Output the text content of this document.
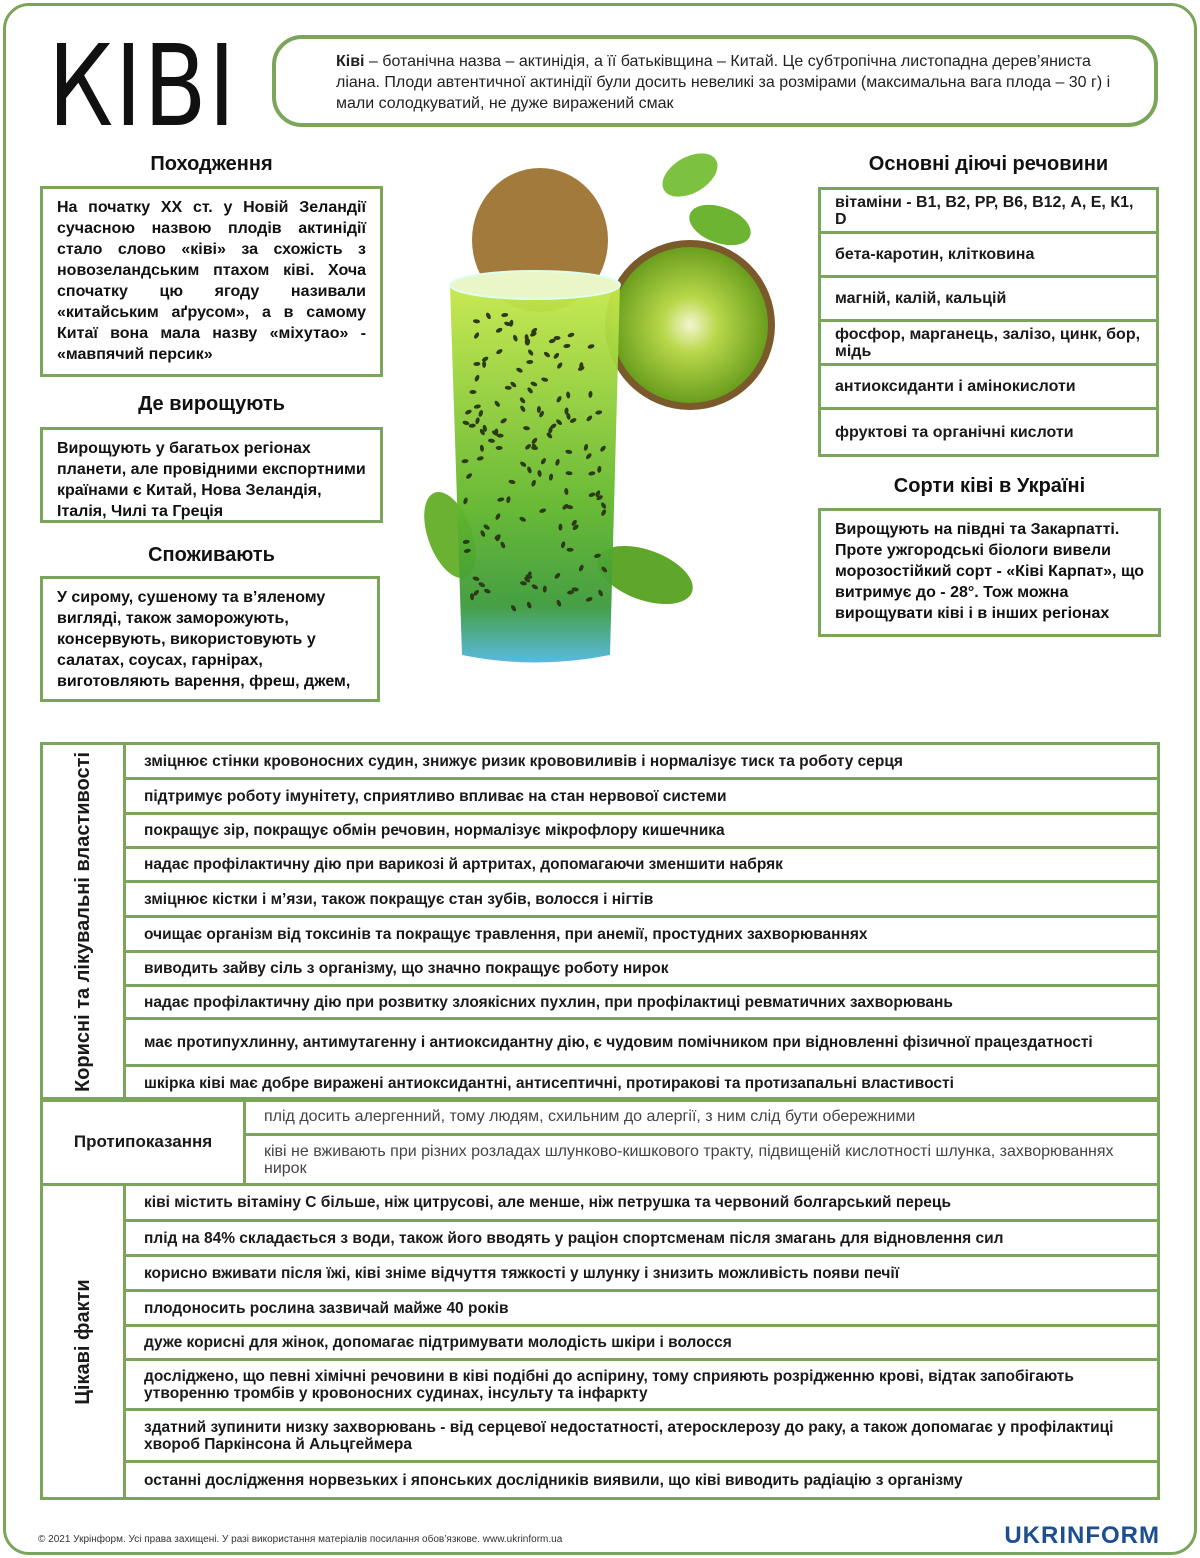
КІВІ	Ківі – ботанічна назва – актинідія, а її батьківщина – Китай. Це субтропічна листопадна дерев’яниста ліана. Плоди автентичної актинідії були досить невеликі за розмірами (максимальна вага плода – 30 г) і мали солодкуватий, не дуже виражений смак
Походження
На початку XX ст. у Новій Зеландії сучасною назвою плодів актинідії стало слово «ківі» за схожість з новозеландським птахом ківі. Хоча спочатку цю ягоду називали «китайським аґрусом», а в самому Китаї вона мала назву «міхутао» - «мавпячий персик»
Де вирощують
Вирощують у багатьох регіонах планети, але провідними експортними країнами є Китай, Нова Зеландія, Італія, Чилі та Греція
Споживають
У сирому, сушеному та в’яленому вигляді, також заморожують, консервують, використовують у салатах, соусах, гарнірах, виготовляють варення, фреш, джем,
Основні діючі речовини
вітаміни - В1, В2, РР, В6, В12, А, Е, К1, D
бета-каротин, клітковина
магній, калій, кальцій
фосфор, марганець, залізо, цинк, бор, мідь
антиоксиданти і амінокислоти
фруктові та органічні кислоти
Сорти ківі в Україні
Вирощують на півдні та Закарпатті. Проте ужгородські біологи вивели морозостійкий сорт - «Ківі Карпат», що витримує до - 28°. Тож можна вирощувати ківі і в інших регіонах
Корисні та лікувальні властивості	зміцнює стінки кровоносних судин, знижує ризик крововиливів і нормалізує тиск та роботу серця
підтримує роботу імунітету, сприятливо впливає на стан нервової системи
покращує зір, покращує обмін речовин, нормалізує мікрофлору кишечника
надає профілактичну дію при варикозі й артритах, допомагаючи зменшити набряк
зміцнює кістки і м’язи, також покращує стан зубів, волосся і нігтів
очищає організм від токсинів та покращує травлення, при анемії, простудних захворюваннях
виводить зайву сіль з організму, що значно покращує роботу нирок
надає профілактичну дію при розвитку злоякісних пухлин, при профілактиці ревматичних захворювань
має протипухлинну, антимутагенну і антиоксидантну дію, є чудовим помічником при відновленні фізичної працездатності
шкірка ківі має добре виражені антиоксидантні, антисептичні, протиракові та протизапальні властивості
Протипоказання	плід досить алергенний, тому людям, схильним до алергії, з ним слід бути обережними
ківі не вживають при різних розладах шлунково-кишкового тракту, підвищеній кислотності шлунка, захворюваннях нирок
Цікаві факти
	ківі містить вітаміну С більше, ніж цитрусові, але менше, ніж петрушка та червоний болгарський перець
плід на 84% складається з води, також його вводять у раціон спортсменам після змагань для відновлення сил
корисно вживати після їжі, ківі зніме відчуття тяжкості у шлунку і знизить можливість появи печії
плодоносить рослина зазвичай майже 40 років
дуже корисні для жінок, допомагає підтримувати молодість шкіри і волосся
досліджено, що певні хімічні речовини в ківі подібні до аспірину, тому сприяють розрідженню крові, відтак запобігають утворенню тромбів у кровоносних судинах, інсульту та інфаркту
здатний зупинити низку захворювань - від серцевої недостатності, атеросклерозу до раку, а також допомагає у профілактиці хвороб Паркінсона й Альцгеймера
останні дослідження норвезьких і японських дослідників виявили, що ківі виводить радіацію з організму
© 2021 Укрінформ. Усі права захищені. У разі використання матеріалів посилання обов’язкове. www.ukrinform.ua	UKRINFORM
